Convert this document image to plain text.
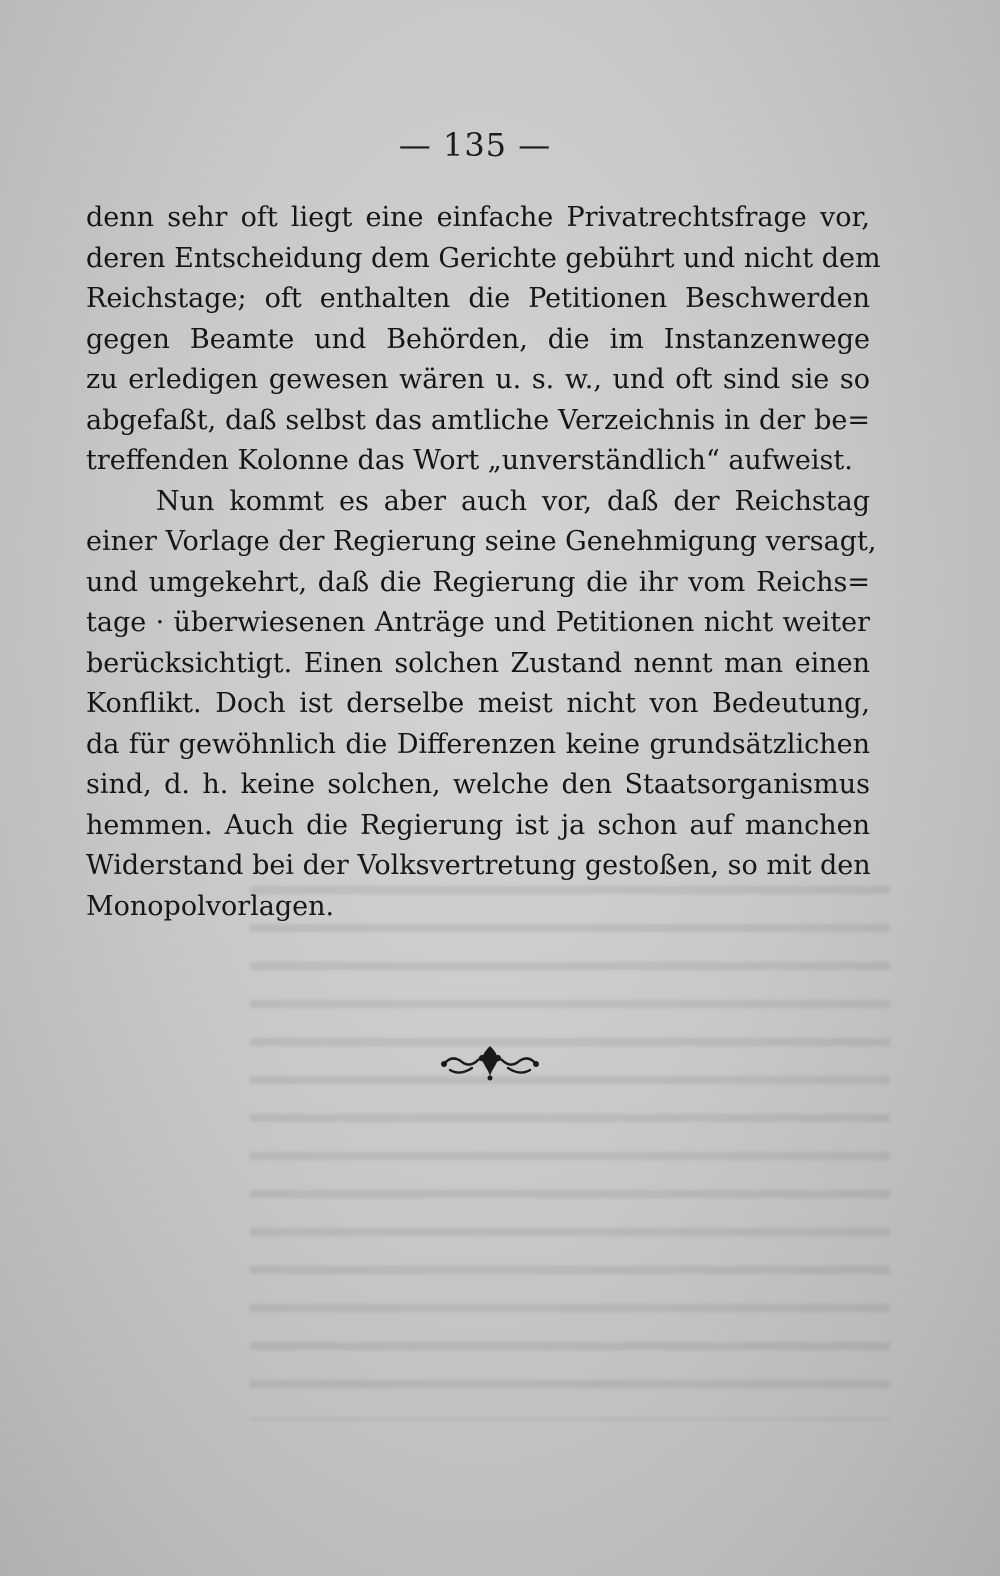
— 135 —
denn sehr oft liegt eine einfache Privatrechtsfrage vor,
deren Entscheidung dem Gerichte gebührt und nicht dem
Reichstage; oft enthalten die Petitionen Beschwerden
gegen Beamte und Behörden, die im Instanzenwege
zu erledigen gewesen wären u. s. w., und oft sind sie so
abgefaßt, daß selbst das amtliche Verzeichnis in der be=
treffenden Kolonne das Wort „unverständlich“ aufweist.
Nun kommt es aber auch vor, daß der Reichstag
einer Vorlage der Regierung seine Genehmigung versagt,
und umgekehrt, daß die Regierung die ihr vom Reichs=
tage · überwiesenen Anträge und Petitionen nicht weiter
berücksichtigt. Einen solchen Zustand nennt man einen
Konflikt. Doch ist derselbe meist nicht von Bedeutung,
da für gewöhnlich die Differenzen keine grundsätzlichen
sind, d. h. keine solchen, welche den Staatsorganismus
hemmen. Auch die Regierung ist ja schon auf manchen
Widerstand bei der Volksvertretung gestoßen, so mit den
Monopolvorlagen.
